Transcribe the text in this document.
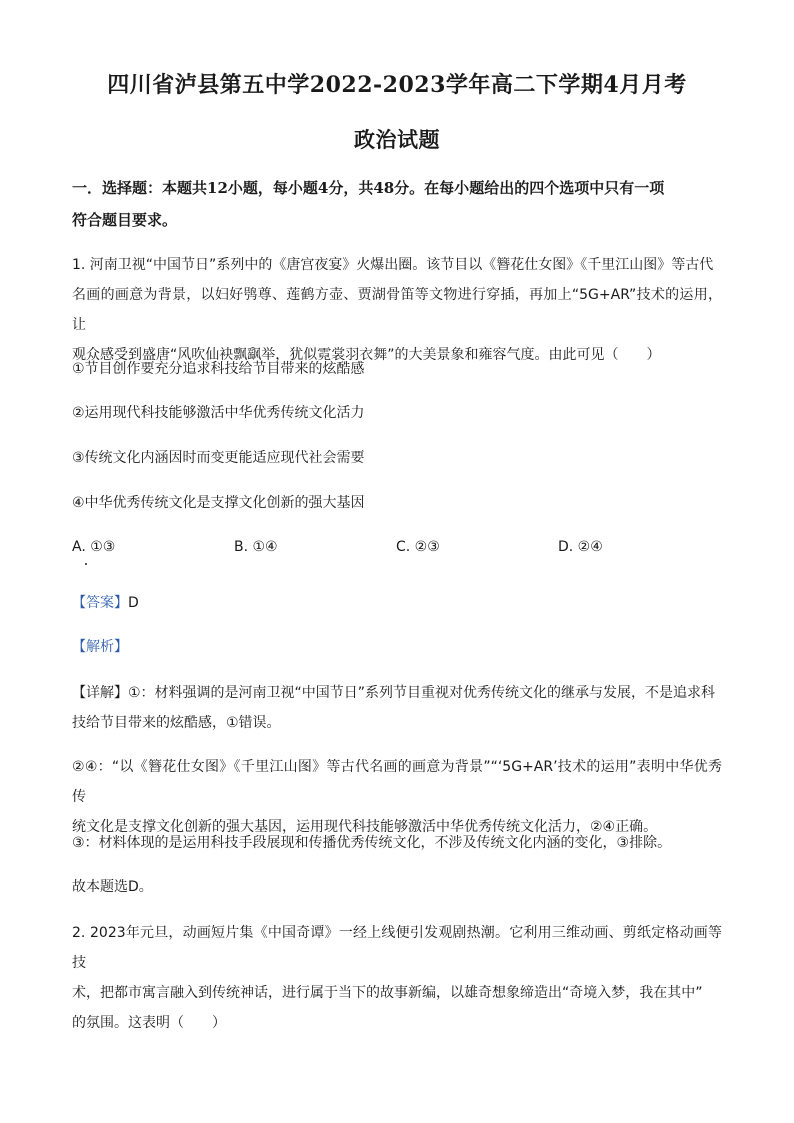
四川省泸县第五中学2022-2023学年高二下学期4月月考
政治试题
一．选择题：本题共12小题，每小题4分，共48分。在每小题给出的四个选项中只有一项
符合题目要求。
1. 河南卫视“中国节日”系列中的《唐宫夜宴》火爆出圈。该节目以《簪花仕女图》《千里江山图》等古代
名画的画意为背景，以妇好鸮尊、莲鹤方壶、贾湖骨笛等文物进行穿插，再加上“5G+AR”技术的运用，让
观众感受到盛唐“风吹仙袂飘飖举，犹似霓裳羽衣舞”的大美景象和雍容气度。由此可见（　　）
①节目创作要充分追求科技给节目带来的炫酷感
②运用现代科技能够激活中华优秀传统文化活力
③传统文化内涵因时而变更能适应现代社会需要
④中华优秀传统文化是支撑文化创新的强大基因
A. ①③	B. ①④	C. ②③	D. ②④
【答案】D
【解析】
【详解】①：材料强调的是河南卫视“中国节日”系列节目重视对优秀传统文化的继承与发展，不是追求科
技给节目带来的炫酷感，①错误。
②④：“以《簪花仕女图》《千里江山图》等古代名画的画意为背景”“‘5G+AR’技术的运用”表明中华优秀传
统文化是支撑文化创新的强大基因，运用现代科技能够激活中华优秀传统文化活力，②④正确。
③：材料体现的是运用科技手段展现和传播优秀传统文化，不涉及传统文化内涵的变化，③排除。
故本题选D。
2. 2023年元旦，动画短片集《中国奇谭》一经上线便引发观剧热潮。它利用三维动画、剪纸定格动画等技
术，把都市寓言融入到传统神话，进行属于当下的故事新编，以雄奇想象缔造出“奇境入梦，我在其中”
的氛围。这表明（　　）
